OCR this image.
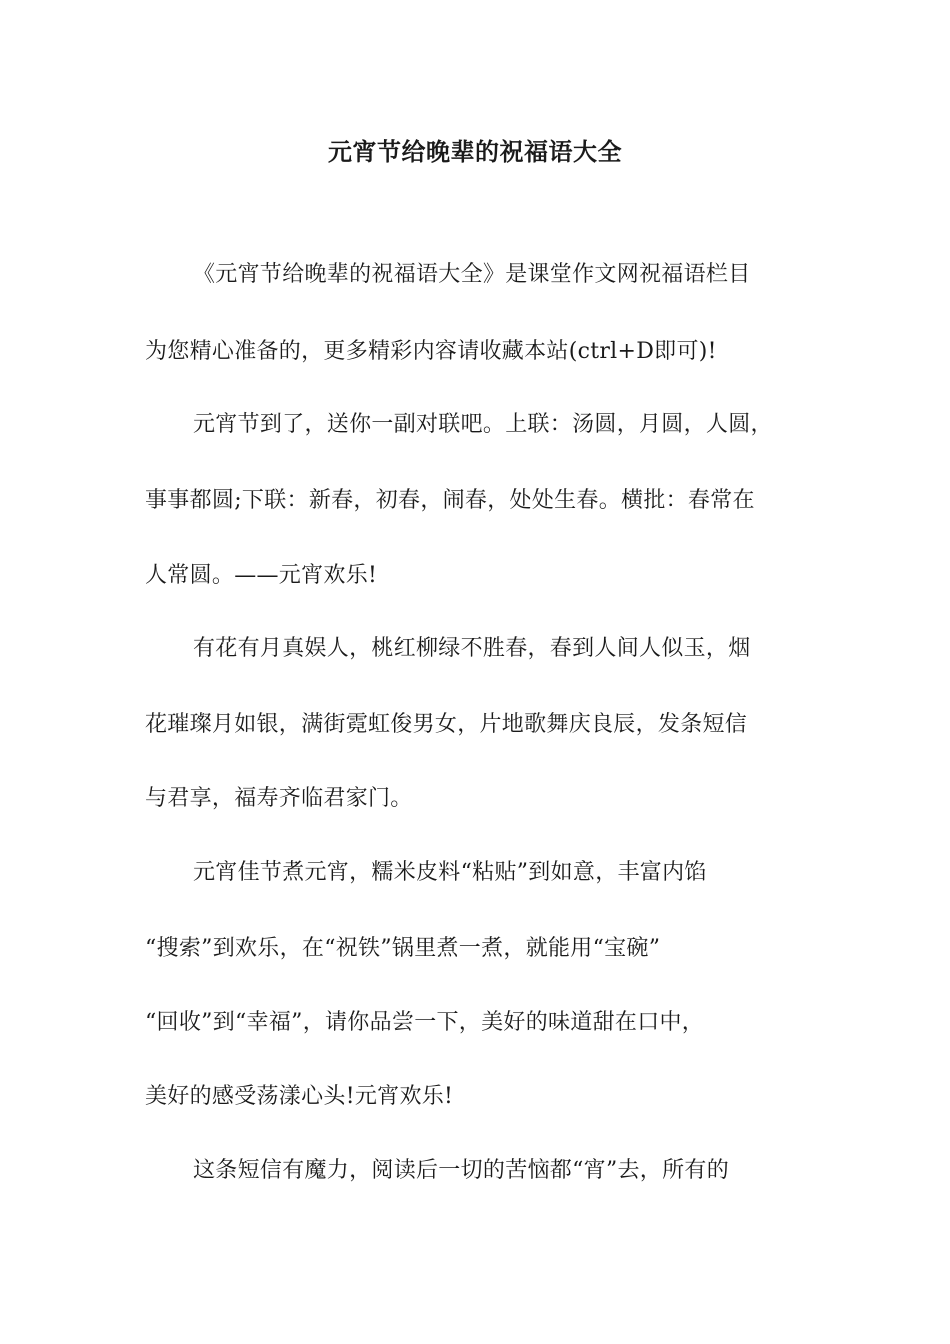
元宵节给晚辈的祝福语大全
《元宵节给晚辈的祝福语大全》是课堂作文网祝福语栏目
为您精心准备的，更多精彩内容请收藏本站(ctrl+D即可)!
元宵节到了，送你一副对联吧。上联：汤圆，月圆，人圆，
事事都圆;下联：新春，初春，闹春，处处生春。横批：春常在
人常圆。——元宵欢乐!
有花有月真娱人，桃红柳绿不胜春，春到人间人似玉，烟
花璀璨月如银，满街霓虹俊男女，片地歌舞庆良辰，发条短信
与君享，福寿齐临君家门。
元宵佳节煮元宵，糯米皮料“粘贴”到如意，丰富内馅
“搜索”到欢乐，在“祝铁”锅里煮一煮，就能用“宝碗”
“回收”到“幸福”，请你品尝一下，美好的味道甜在口中，
美好的感受荡漾心头!元宵欢乐!
这条短信有魔力，阅读后一切的苦恼都“宵”去，所有的
